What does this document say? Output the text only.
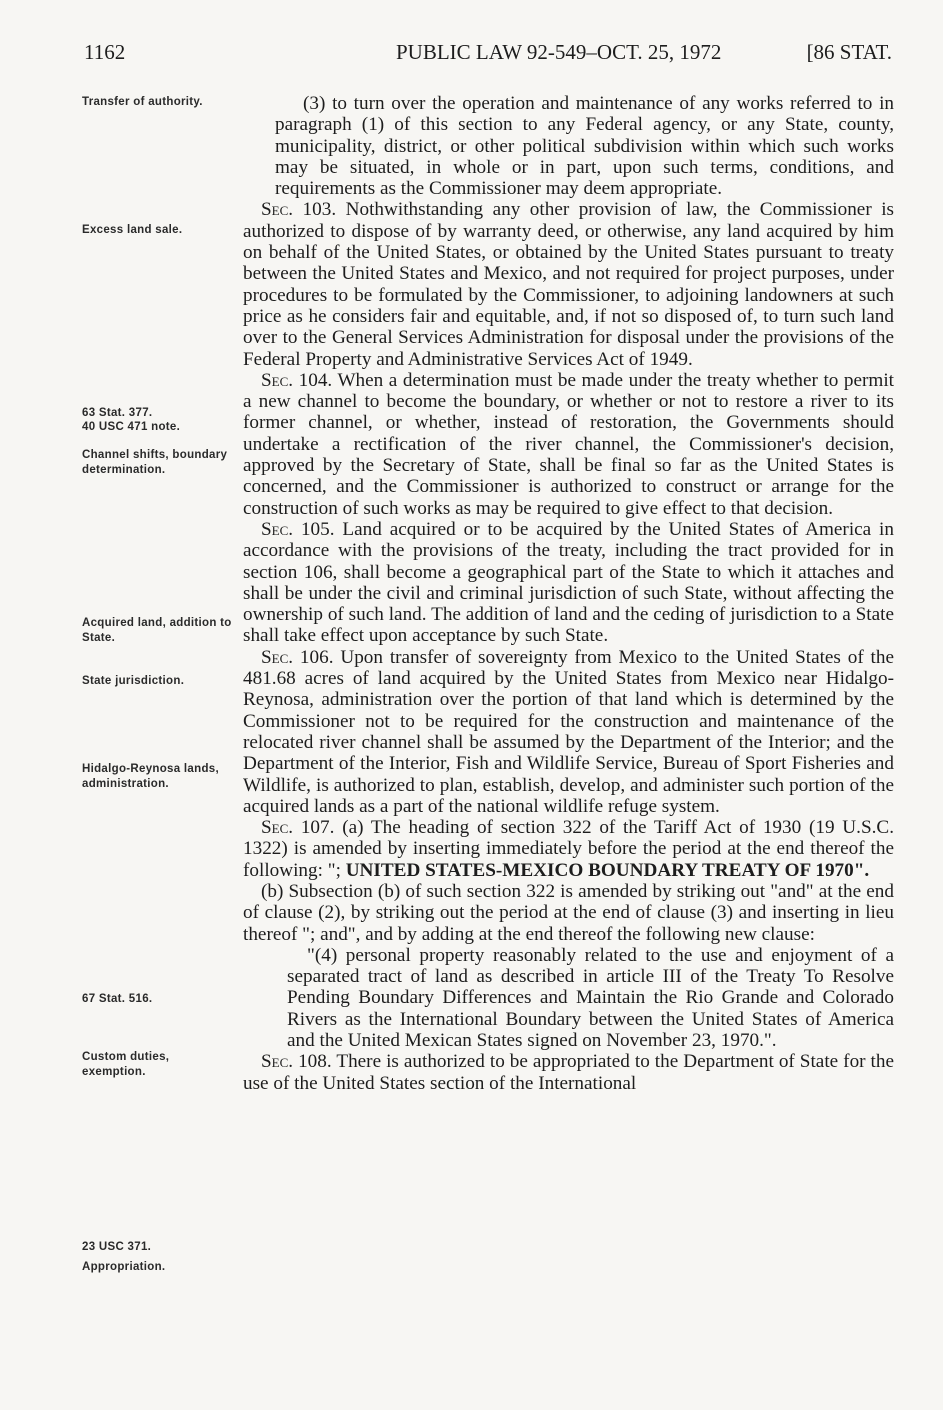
1162	PUBLIC LAW 92-549–OCT. 25, 1972	[86 STAT.
Transfer of authority.
Excess land sale.
63 Stat. 377.
40 USC 471 note.
Channel shifts, boundary determination.
Acquired land, addition to State.
State jurisdiction.
Hidalgo-Reynosa lands, administration.
67 Stat. 516.
Custom duties, exemption.
23 USC 371.
Appropriation.

(3) to turn over the operation and maintenance of any works referred to in paragraph (1) of this section to any Federal agency, or any State, county, municipality, district, or other political subdivision within which such works may be situated, in whole or in part, upon such terms, conditions, and requirements as the Commissioner may deem appropriate.

Sec. 103. Nothwithstanding any other provision of law, the Commissioner is authorized to dispose of by warranty deed, or otherwise, any land acquired by him on behalf of the United States, or obtained by the United States pursuant to treaty between the United States and Mexico, and not required for project purposes, under procedures to be formulated by the Commissioner, to adjoining landowners at such price as he considers fair and equitable, and, if not so disposed of, to turn such land over to the General Services Administration for disposal under the provisions of the Federal Property and Administrative Services Act of 1949.

Sec. 104. When a determination must be made under the treaty whether to permit a new channel to become the boundary, or whether or not to restore a river to its former channel, or whether, instead of restoration, the Governments should undertake a rectification of the river channel, the Commissioner's decision, approved by the Secretary of State, shall be final so far as the United States is concerned, and the Commissioner is authorized to construct or arrange for the construction of such works as may be required to give effect to that decision.

Sec. 105. Land acquired or to be acquired by the United States of America in accordance with the provisions of the treaty, including the tract provided for in section 106, shall become a geographical part of the State to which it attaches and shall be under the civil and criminal jurisdiction of such State, without affecting the ownership of such land. The addition of land and the ceding of jurisdiction to a State shall take effect upon acceptance by such State.

Sec. 106. Upon transfer of sovereignty from Mexico to the United States of the 481.68 acres of land acquired by the United States from Mexico near Hidalgo-Reynosa, administration over the portion of that land which is determined by the Commissioner not to be required for the construction and maintenance of the relocated river channel shall be assumed by the Department of the Interior; and the Department of the Interior, Fish and Wildlife Service, Bureau of Sport Fisheries and Wildlife, is authorized to plan, establish, develop, and administer such portion of the acquired lands as a part of the national wildlife refuge system.

Sec. 107. (a) The heading of section 322 of the Tariff Act of 1930 (19 U.S.C. 1322) is amended by inserting immediately before the period at the end thereof the following: "; UNITED STATES-MEXICO BOUNDARY TREATY OF 1970".

(b) Subsection (b) of such section 322 is amended by striking out "and" at the end of clause (2), by striking out the period at the end of clause (3) and inserting in lieu thereof "; and", and by adding at the end thereof the following new clause:

"(4) personal property reasonably related to the use and enjoyment of a separated tract of land as described in article III of the Treaty To Resolve Pending Boundary Differences and Maintain the Rio Grande and Colorado Rivers as the International Boundary between the United States of America and the United Mexican States signed on November 23, 1970.".

Sec. 108. There is authorized to be appropriated to the Department of State for the use of the United States section of the International
